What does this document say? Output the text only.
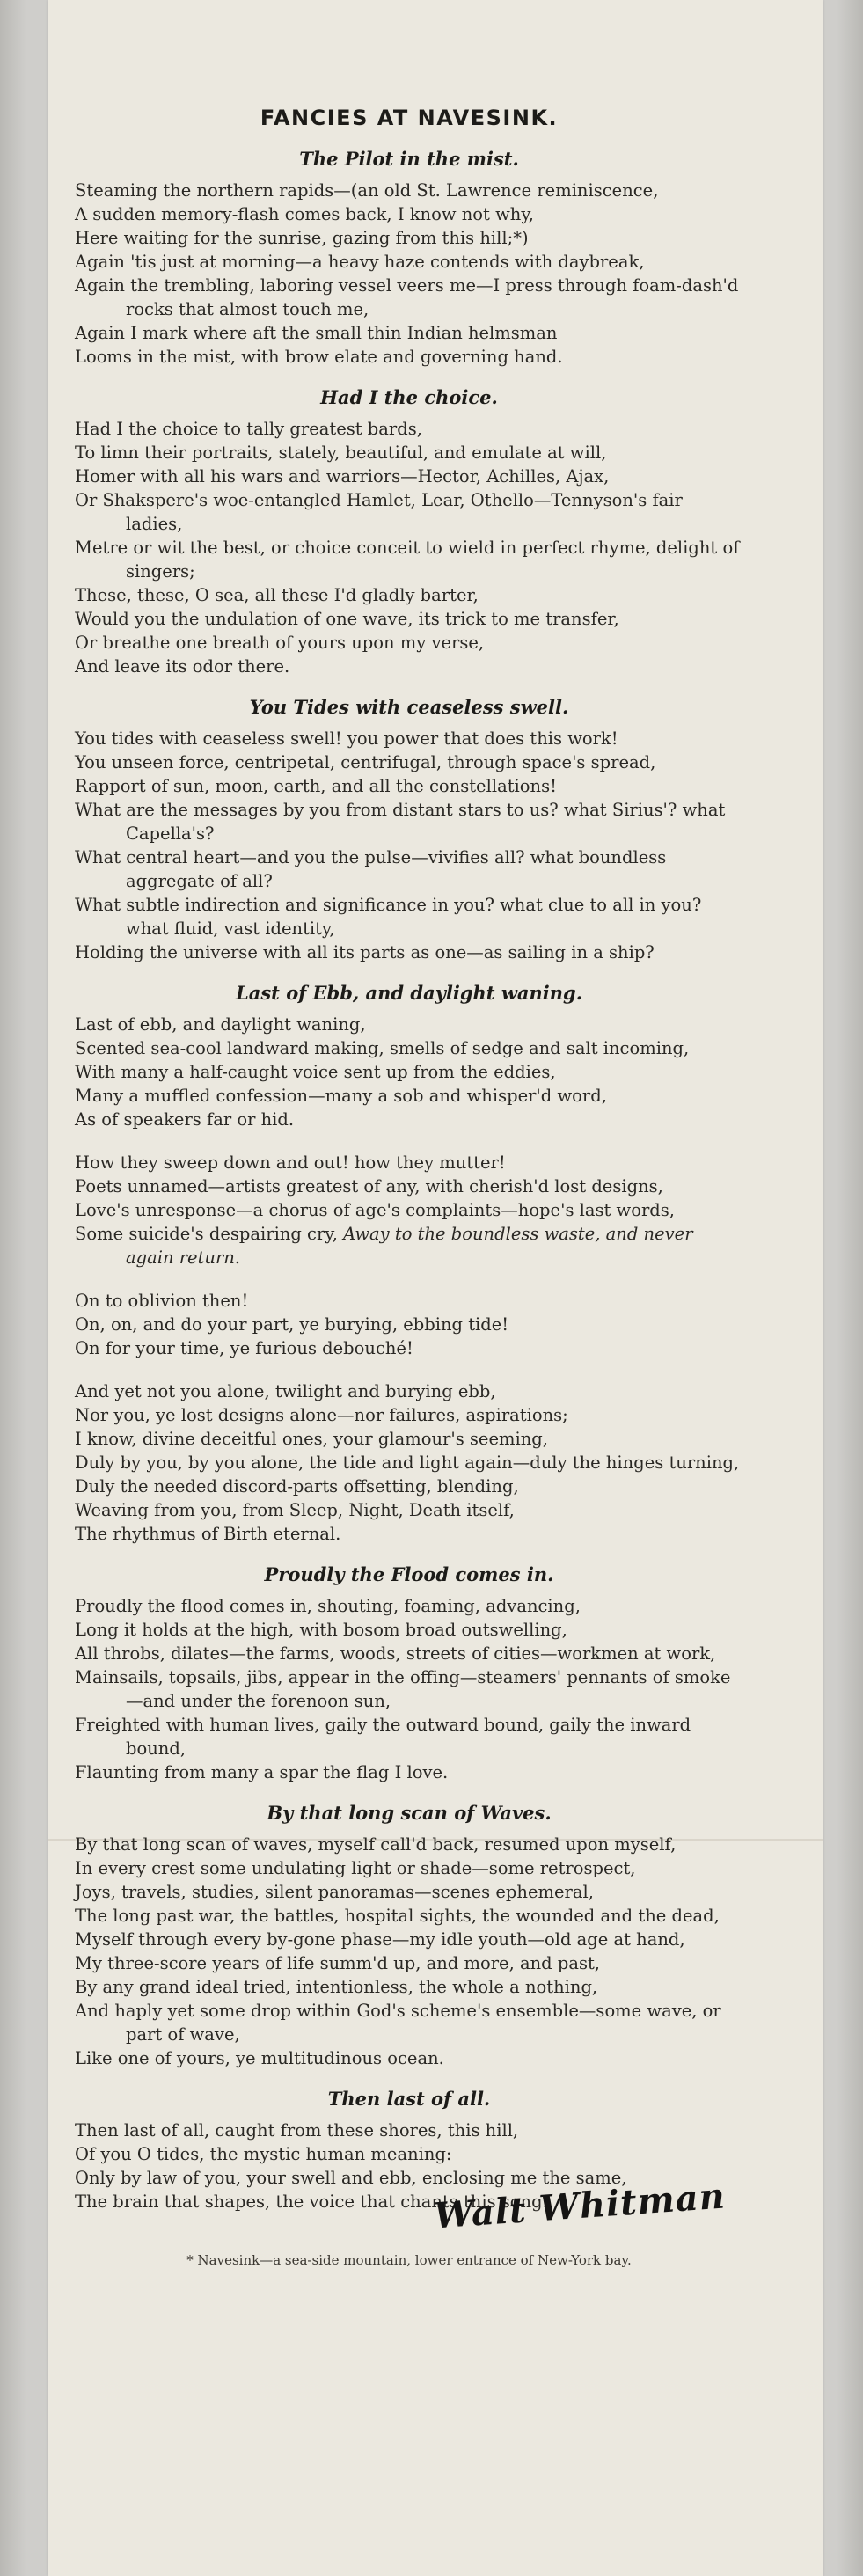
FANCIES AT NAVESINK.
The Pilot in the mist.
Steaming the northern rapids—(an old St. Lawrence reminiscence,
A sudden memory-flash comes back, I know not why,
Here waiting for the sunrise, gazing from this hill;*)
Again 'tis just at morning—a heavy haze contends with daybreak,
Again the trembling, laboring vessel veers me—I press through foam-dash'd rocks that almost touch me,
Again I mark where aft the small thin Indian helmsman
Looms in the mist, with brow elate and governing hand.
Had I the choice.
Had I the choice to tally greatest bards,
To limn their portraits, stately, beautiful, and emulate at will,
Homer with all his wars and warriors—Hector, Achilles, Ajax,
Or Shakspere's woe-entangled Hamlet, Lear, Othello—Tennyson's fair ladies,
Metre or wit the best, or choice conceit to wield in perfect rhyme, delight of singers;
These, these, O sea, all these I'd gladly barter,
Would you the undulation of one wave, its trick to me transfer,
Or breathe one breath of yours upon my verse,
And leave its odor there.
You Tides with ceaseless swell.
You tides with ceaseless swell! you power that does this work!
You unseen force, centripetal, centrifugal, through space's spread,
Rapport of sun, moon, earth, and all the constellations!
What are the messages by you from distant stars to us? what Sirius'? what Capella's?
What central heart—and you the pulse—vivifies all? what boundless aggregate of all?
What subtle indirection and significance in you? what clue to all in you? what fluid, vast identity,
Holding the universe with all its parts as one—as sailing in a ship?
Last of Ebb, and daylight waning.
Last of ebb, and daylight waning,
Scented sea-cool landward making, smells of sedge and salt incoming,
With many a half-caught voice sent up from the eddies,
Many a muffled confession—many a sob and whisper'd word,
As of speakers far or hid.
How they sweep down and out! how they mutter!
Poets unnamed—artists greatest of any, with cherish'd lost designs,
Love's unresponse—a chorus of age's complaints—hope's last words,
Some suicide's despairing cry, Away to the boundless waste, and never again return.
On to oblivion then!
On, on, and do your part, ye burying, ebbing tide!
On for your time, ye furious debouché!
And yet not you alone, twilight and burying ebb,
Nor you, ye lost designs alone—nor failures, aspirations;
I know, divine deceitful ones, your glamour's seeming,
Duly by you, by you alone, the tide and light again—duly the hinges turning,
Duly the needed discord-parts offsetting, blending,
Weaving from you, from Sleep, Night, Death itself,
The rhythmus of Birth eternal.
Proudly the Flood comes in.
Proudly the flood comes in, shouting, foaming, advancing,
Long it holds at the high, with bosom broad outswelling,
All throbs, dilates—the farms, woods, streets of cities—workmen at work,
Mainsails, topsails, jibs, appear in the offing—steamers' pennants of smoke—and under the forenoon sun,
Freighted with human lives, gaily the outward bound, gaily the inward bound,
Flaunting from many a spar the flag I love.
By that long scan of Waves.
By that long scan of waves, myself call'd back, resumed upon myself,
In every crest some undulating light or shade—some retrospect,
Joys, travels, studies, silent panoramas—scenes ephemeral,
The long past war, the battles, hospital sights, the wounded and the dead,
Myself through every by-gone phase—my idle youth—old age at hand,
My three-score years of life summ'd up, and more, and past,
By any grand ideal tried, intentionless, the whole a nothing,
And haply yet some drop within God's scheme's ensemble—some wave, or part of wave,
Like one of yours, ye multitudinous ocean.
Then last of all.
Then last of all, caught from these shores, this hill,
Of you O tides, the mystic human meaning:
Only by law of you, your swell and ebb, enclosing me the same,
The brain that shapes, the voice that chants this song.
Walt Whitman
* Navesink—a sea-side mountain, lower entrance of New-York bay.
